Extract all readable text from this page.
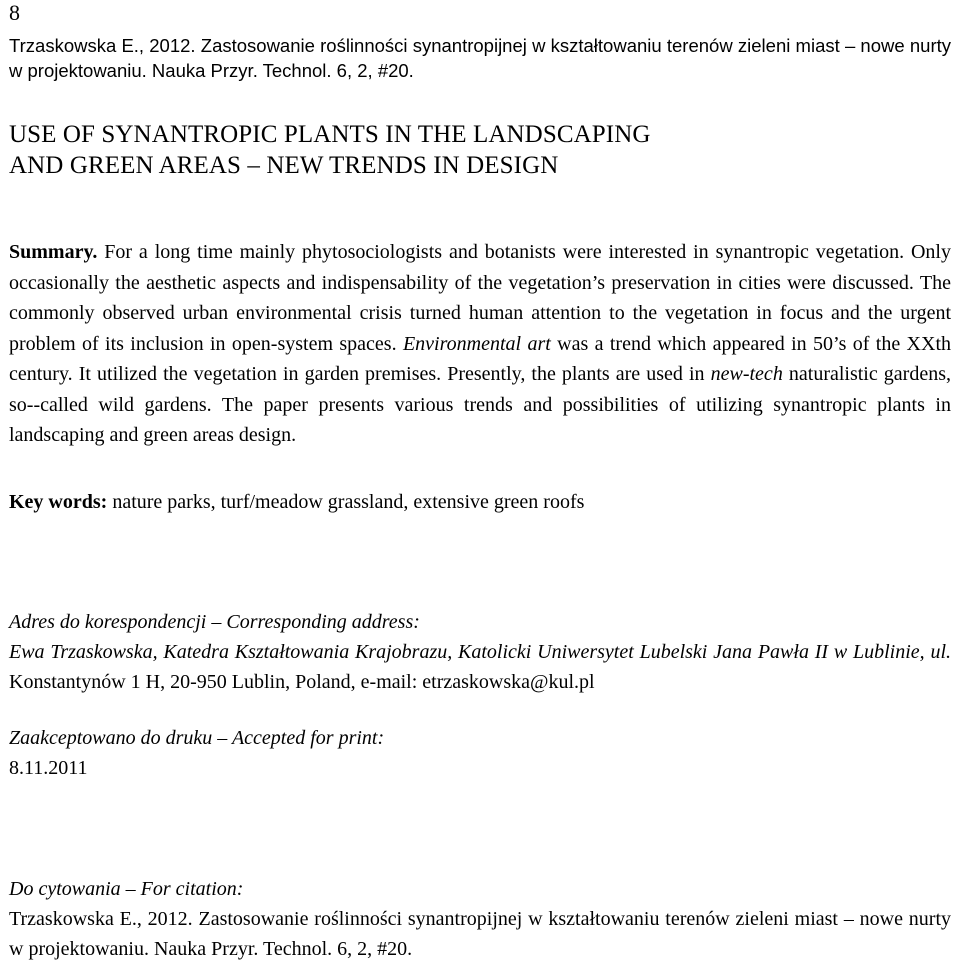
8
Trzaskowska E., 2012. Zastosowanie roślinności synantropijnej w kształtowaniu terenów zieleni miast – nowe nurty w projektowaniu. Nauka Przyr. Technol. 6, 2, #20.
USE OF SYNANTROPIC PLANTS IN THE LANDSCAPING
AND GREEN AREAS – NEW TRENDS IN DESIGN
Summary. For a long time mainly phytosociologists and botanists were interested in synantropic vegetation. Only occasionally the aesthetic aspects and indispensability of the vegetation’s preservation in cities were discussed. The commonly observed urban environmental crisis turned human attention to the vegetation in focus and the urgent problem of its inclusion in open-system spaces. Environmental art was a trend which appeared in 50’s of the XXth century. It utilized the vegetation in garden premises. Presently, the plants are used in new-tech naturalistic gardens, so--called wild gardens. The paper presents various trends and possibilities of utilizing synantropic plants in landscaping and green areas design.
Key words: nature parks, turf/meadow grassland, extensive green roofs
Adres do korespondencji – Corresponding address:
Ewa Trzaskowska, Katedra Kształtowania Krajobrazu, Katolicki Uniwersytet Lubelski Jana Pawła II w Lublinie, ul. Konstantynów 1 H, 20-950 Lublin, Poland, e-mail: etrzaskowska@kul.pl
Zaakceptowano do druku – Accepted for print:
8.11.2011
Do cytowania – For citation:
Trzaskowska E., 2012. Zastosowanie roślinności synantropijnej w kształtowaniu terenów zieleni miast – nowe nurty w projektowaniu. Nauka Przyr. Technol. 6, 2, #20.
